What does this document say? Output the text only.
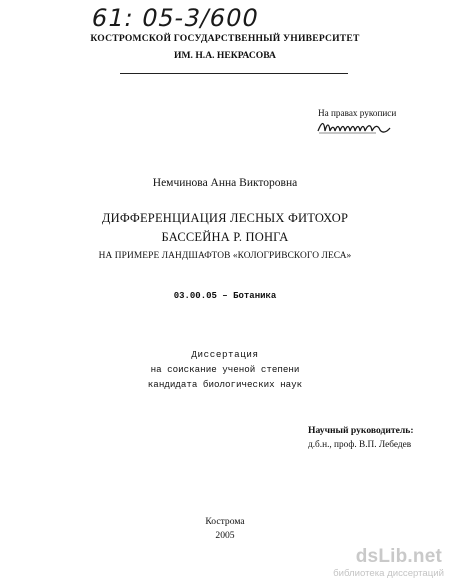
61: 05-3/600
КОСТРОМСКОЙ ГОСУДАРСТВЕННЫЙ УНИВЕРСИТЕТ
ИМ. Н.А. НЕКРАСОВА
На правах рукописи
Немчинова Анна Викторовна
ДИФФЕРЕНЦИАЦИЯ ЛЕСНЫХ ФИТОХОР
БАССЕЙНА Р. ПОНГА
НА ПРИМЕРЕ ЛАНДШАФТОВ «КОЛОГРИВСКОГО ЛЕСА»
03.00.05 – Ботаника
Диссертация
на соискание ученой степени
кандидата биологических наук
Научный руководитель:
д.б.н., проф. В.П. Лебедев
Кострома
2005
dsLib.net
библиотека диссертаций
